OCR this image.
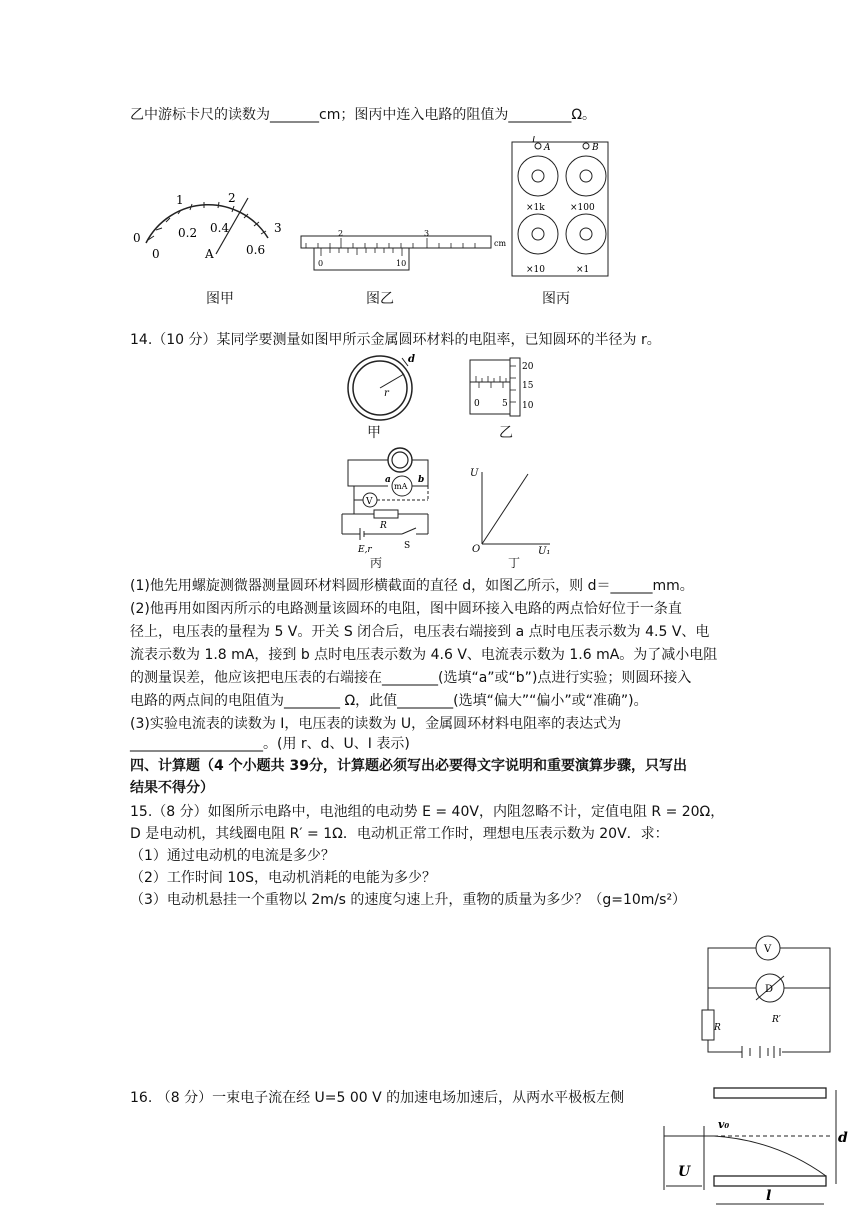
乙中游标卡尺的读数为_______cm；图丙中连入电路的阻值为_________Ω。
1	2
3
0
0
0.2 0.4
0.6
A
2	3
cm
0	10
A	B
I
×1k	×100
×10	×1
图甲	图乙	图丙
14.（10 分）某同学要测量如图甲所示金属圆环材料的电阻率，已知圆环的半径为 r。
d
r
20
15
10
0 5
甲	乙
a	b
V
mA
R
E,r	S
U
O	U₁
丙	丁
(1)他先用螺旋测微器测量圆环材料圆形横截面的直径 d，如图乙所示，则 d＝______mm。
(2)他再用如图丙所示的电路测量该圆环的电阻，图中圆环接入电路的两点恰好位于一条直
径上，电压表的量程为 5 V。开关 S 闭合后，电压表右端接到 a 点时电压表示数为 4.5 V、电
流表示数为 1.8 mA，接到 b 点时电压表示数为 4.6 V、电流表示数为 1.6 mA。为了减小电阻
的测量误差，他应该把电压表的右端接在________(选填“a”或“b”)点进行实验；则圆环接入
电路的两点间的电阻值为________ Ω，此值________(选填“偏大”“偏小”或“准确”)。
(3)实验电流表的读数为 I，电压表的读数为 U，金属圆环材料电阻率的表达式为
___________________。(用 r、d、U、I 表示)
四、计算题（4 个小题共 39分，计算题必须写出必要得文字说明和重要演算步骤，只写出
结果不得分）
15.（8 分）如图所示电路中，电池组的电动势 E = 40V，内阻忽略不计，定值电阻 R = 20Ω，
D 是电动机，其线圈电阻 R′ = 1Ω．电动机正常工作时，理想电压表示数为 20V．求：
（1）通过电动机的电流是多少？
（2）工作时间 10S，电动机消耗的电能为多少？
（3）电动机悬挂一个重物以 2m/s 的速度匀速上升，重物的质量为多少？（g=10m/s²）
V
D
R
R′
16. （8 分）一束电子流在经 U=5 00 V 的加速电场加速后，从两水平极板左侧
v₀
d
U
l
